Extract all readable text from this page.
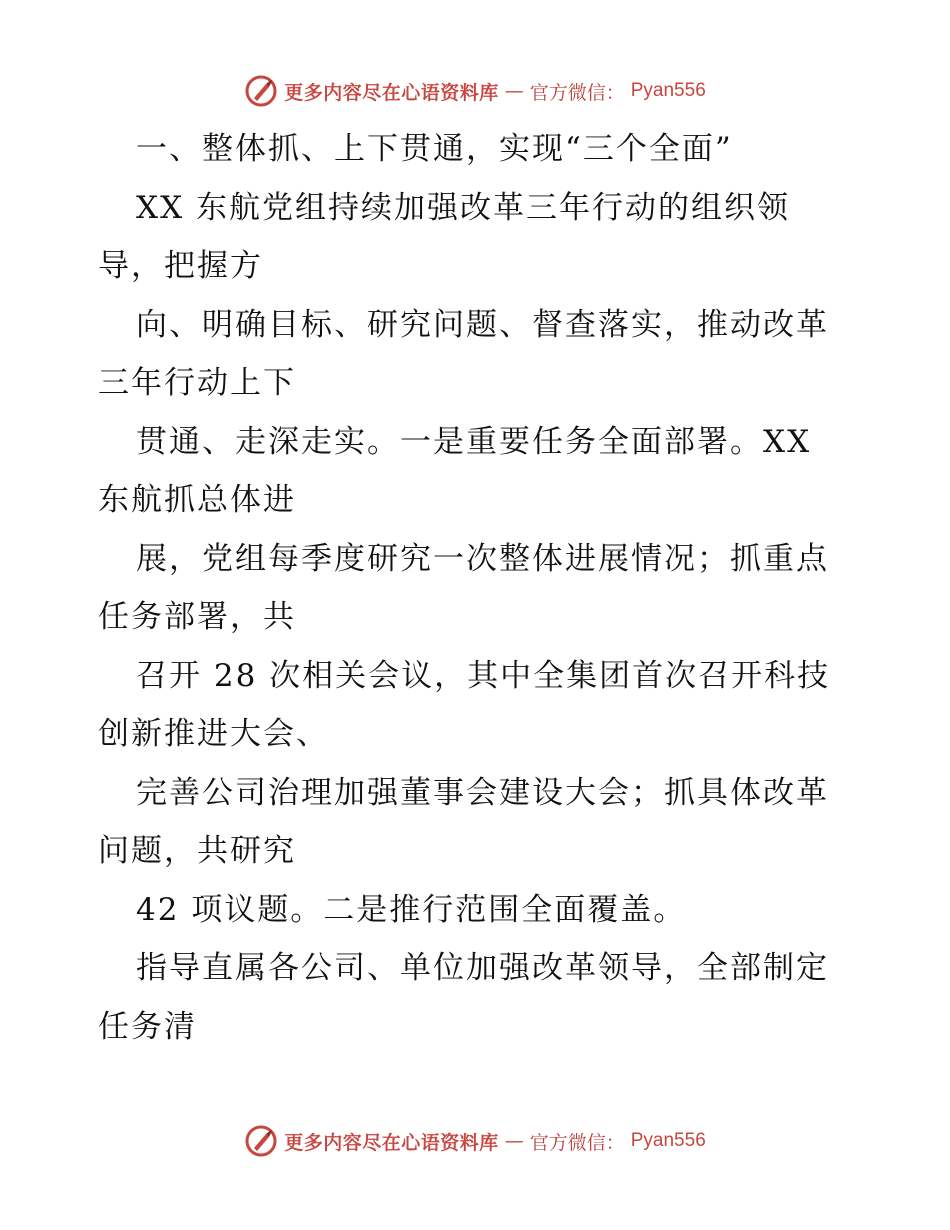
更多内容尽在心语资料库 — 官方微信： Pyan556
一、整体抓、上下贯通，实现“三个全面”
XX 东航党组持续加强改革三年行动的组织领
导，把握方
向、明确目标、研究问题、督查落实，推动改革
三年行动上下
贯通、走深走实。一是重要任务全面部署。XX
东航抓总体进
展，党组每季度研究一次整体进展情况；抓重点
任务部署，共
召开 28 次相关会议，其中全集团首次召开科技
创新推进大会、
完善公司治理加强董事会建设大会；抓具体改革
问题，共研究
42 项议题。二是推行范围全面覆盖。
指导直属各公司、单位加强改革领导，全部制定
任务清
更多内容尽在心语资料库 — 官方微信： Pyan556
